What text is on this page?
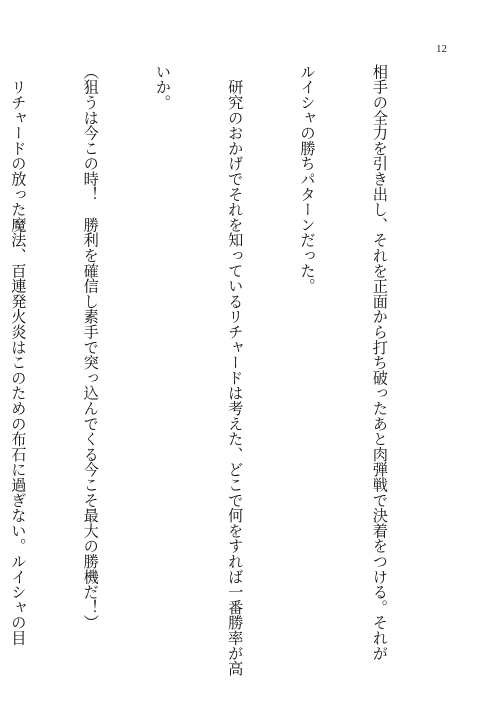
12

相手の全力を引き出し、それを正面から打ち破ったあと肉弾戦で決着をつける。それが

ルイシャの勝ちパターンだった。

　研究のおかげでそれを知っているリチャードは考えた、どこで何をすれば一番勝率が高

いか。

（狙うは今この時！　勝利を確信し素手で突っ込んでくる今こそ最大の勝機だ！）

　リチャードの放った魔法、百連発火炎はこのための布石に過ぎない。ルイシャの目
